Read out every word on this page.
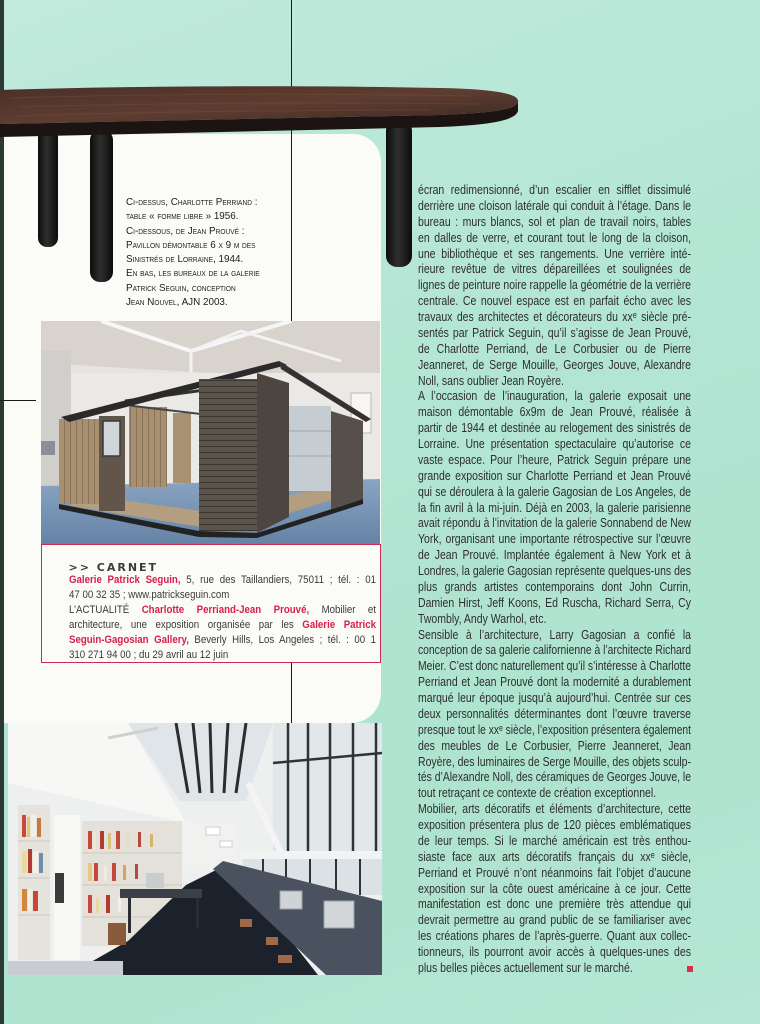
Ci-dessus, Charlotte Perriand :
table « forme libre » 1956.
Ci-dessous, de Jean Prouvé :
Pavillon démontable 6 x 9 m des
Sinistrés de Lorraine, 1944.
En bas, les bureaux de la galerie
Patrick Seguin, conception
Jean Nouvel, AJN 2003.
>> CARNET
Galerie Patrick Seguin, 5, rue des Taillandiers, 75011 ; tél. : 01
47 00 32 35 ; www.patrickseguin.com
L’ACTUALITÉ Charlotte Perriand-Jean Prouvé, Mobilier et
architecture, une exposition organisée par les Galerie Patrick
Seguin-Gagosian Gallery, Beverly Hills, Los Angeles ; tél. : 00 1
310 271 94 00 ; du 29 avril au 12 juin
écran redimensionné, d’un escalier en sifflet dissimulé
derrière une cloison latérale qui conduit à l’étage. Dans le
bureau : murs blancs, sol et plan de travail noirs, tables
en dalles de verre, et courant tout le long de la cloison,
une bibliothèque et ses rangements. Une verrière inté-
rieure revêtue de vitres dépareillées et soulignées de
lignes de peinture noire rappelle la géométrie de la verrière
centrale. Ce nouvel espace est en parfait écho avec les
travaux des architectes et décorateurs du xxᵉ siècle pré-
sentés par Patrick Seguin, qu’il s’agisse de Jean Prouvé,
de Charlotte Perriand, de Le Corbusier ou de Pierre
Jeanneret, de Serge Mouille, Georges Jouve, Alexandre
Noll, sans oublier Jean Royère.
A l’occasion de l’inauguration, la galerie exposait une
maison démontable 6x9m de Jean Prouvé, réalisée à
partir de 1944 et destinée au relogement des sinistrés de
Lorraine. Une présentation spectaculaire qu’autorise ce
vaste espace. Pour l’heure, Patrick Seguin prépare une
grande exposition sur Charlotte Perriand et Jean Prouvé
qui se déroulera à la galerie Gagosian de Los Angeles, de
la fin avril à la mi-juin. Déjà en 2003, la galerie parisienne
avait répondu à l’invitation de la galerie Sonnabend de New
York, organisant une importante rétrospective sur l’œuvre
de Jean Prouvé. Implantée également à New York et à
Londres, la galerie Gagosian représente quelques-uns des
plus grands artistes contemporains dont John Currin,
Damien Hirst, Jeff Koons, Ed Ruscha, Richard Serra, Cy
Twombly, Andy Warhol, etc.
Sensible à l’architecture, Larry Gagosian a confié la
conception de sa galerie californienne à l’architecte Richard
Meier. C’est donc naturellement qu’il s’intéresse à Charlotte
Perriand et Jean Prouvé dont la modernité a durablement
marqué leur époque jusqu’à aujourd’hui. Centrée sur ces
deux personnalités déterminantes dont l’œuvre traverse
presque tout le xxᵉ siècle, l’exposition présentera également
des meubles de Le Corbusier, Pierre Jeanneret, Jean
Royère, des luminaires de Serge Mouille, des objets sculp-
tés d’Alexandre Noll, des céramiques de Georges Jouve, le
tout retraçant ce contexte de création exceptionnel.
Mobilier, arts décoratifs et éléments d’architecture, cette
exposition présentera plus de 120 pièces emblématiques
de leur temps. Si le marché américain est très enthou-
siaste face aux arts décoratifs français du xxᵉ siècle,
Perriand et Prouvé n’ont néanmoins fait l’objet d’aucune
exposition sur la côte ouest américaine à ce jour. Cette
manifestation est donc une première très attendue qui
devrait permettre au grand public de se familiariser avec
les créations phares de l’après-guerre. Quant aux collec-
tionneurs, ils pourront avoir accès à quelques-unes des
plus belles pièces actuellement sur le marché.
